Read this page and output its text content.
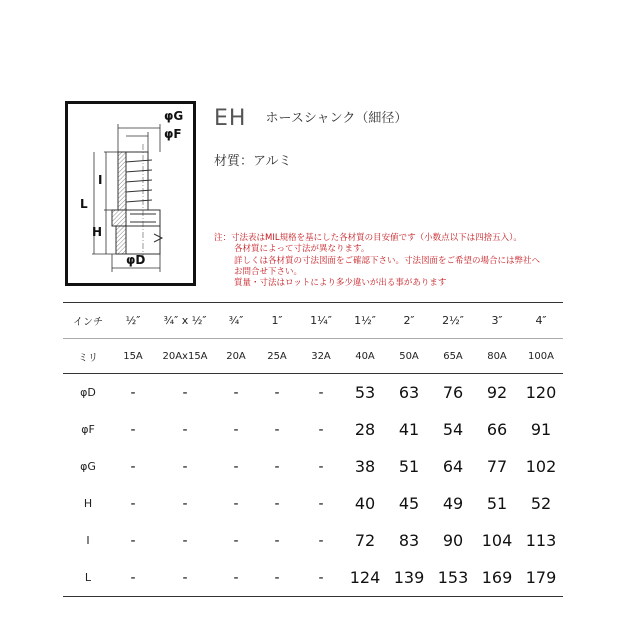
φG
φF
I
L
H
φD
EH ホースシャンク（細径）
材質：アルミ
注：寸法表はMIL規格を基にした各材質の目安値です（小数点以下は四捨五入）。
各材質によって寸法が異なります。
詳しくは各材質の寸法図面をご確認下さい。寸法図面をご希望の場合には弊社へ
お問合せ下さい。
質量・寸法はロットにより多少違いが出る事があります
インチ	½″	¾″ x ½″	¾″	1″	1¼″	1½″	2″	2½″	3″	4″
ミリ	15A	20Ax15A	20A	25A	32A	40A	50A	65A	80A	100A
φD	-	-	-	-	-	53	63	76	92	120
φF	-	-	-	-	-	28	41	54	66	91
φG	-	-	-	-	-	38	51	64	77	102
H	-	-	-	-	-	40	45	49	51	52
I	-	-	-	-	-	72	83	90	104	113
L	-	-	-	-	-	124	139	153	169	179
